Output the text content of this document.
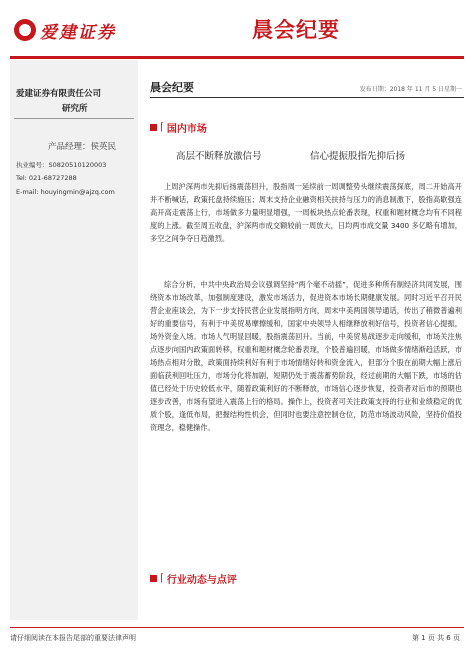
爱建证券	晨会纪要
爱建证券有限责任公司
研究所
产品经理：侯英民
执业编号：S0820510120003
Tel: 021-68727288
E-mail: houyingmin@ajzq.com
晨会纪要	发布日期：2018 年 11 月 5 日星期一
⌈ 国内市场
高层不断释放激信号	信心提振股指先抑后扬

上周沪深两市先抑后扬震荡回升，股指周一延续前一周调整势头继续震荡探底，周二开始高开并不断喊话，政策托盘持续施压；周末支持企业融资相关扶持与压力的消息制激下，股指高歇强连高开高走震荡上行，市场做多力量明显增强，一周板块热点轮番表现，权重和题材概念均有不同程度的上涨。截至周五收盘，沪深两市成交额较前一周放大，日均两市成交量 3400 多亿略有增加，多空之间争夺日趋激烈。

综合分析，中共中央政治局会议强调坚持“两个毫不动摇”，促进多种所有制经济共同发展，围绕资本市场改革，加强制度建设，激发市场活力，促进资本市场长期健康发展。同时习近平召开民营企业座谈会，为下一步支持民营企业发展指明方向，周末中美两国领导通话，传出了稍微普遍利好的重要信号，有利于中美贸易摩擦缓和，国家中央领导人相继释放利好信号，投资者信心提振，场外资金入场。市场人气明显回暖，股指震荡回升。当前，中美贸易战逐步走向缓和，市场关注焦点逐步向国内政策面转移，权重和题材概念轮番表现，个股普遍回暖，市场做多情绪渐趋活跃，市场热点相对分散，政策面持续利好有利于市场情绪好转和资金流入，但部分个股在前期大幅上涨后面临获利回吐压力，市场分化将加剧，短期仍处于震荡蓄势阶段，经过前期的大幅下跌，市场的估值已经处于历史较低水平，随着政策利好的不断释放，市场信心逐步恢复，投资者对后市的预期也逐步改善，市场有望进入震荡上行的格局。操作上，投资者可关注政策支持的行业和业绩稳定的优质个股，逢低布局，把握结构性机会，但同时也要注意控制仓位，防范市场波动风险，坚持价值投资理念，稳健操作。

⌈ 行业动态与点评
请仔细阅读在本报告尾部的重要法律声明	第 1 页 共 6 页
